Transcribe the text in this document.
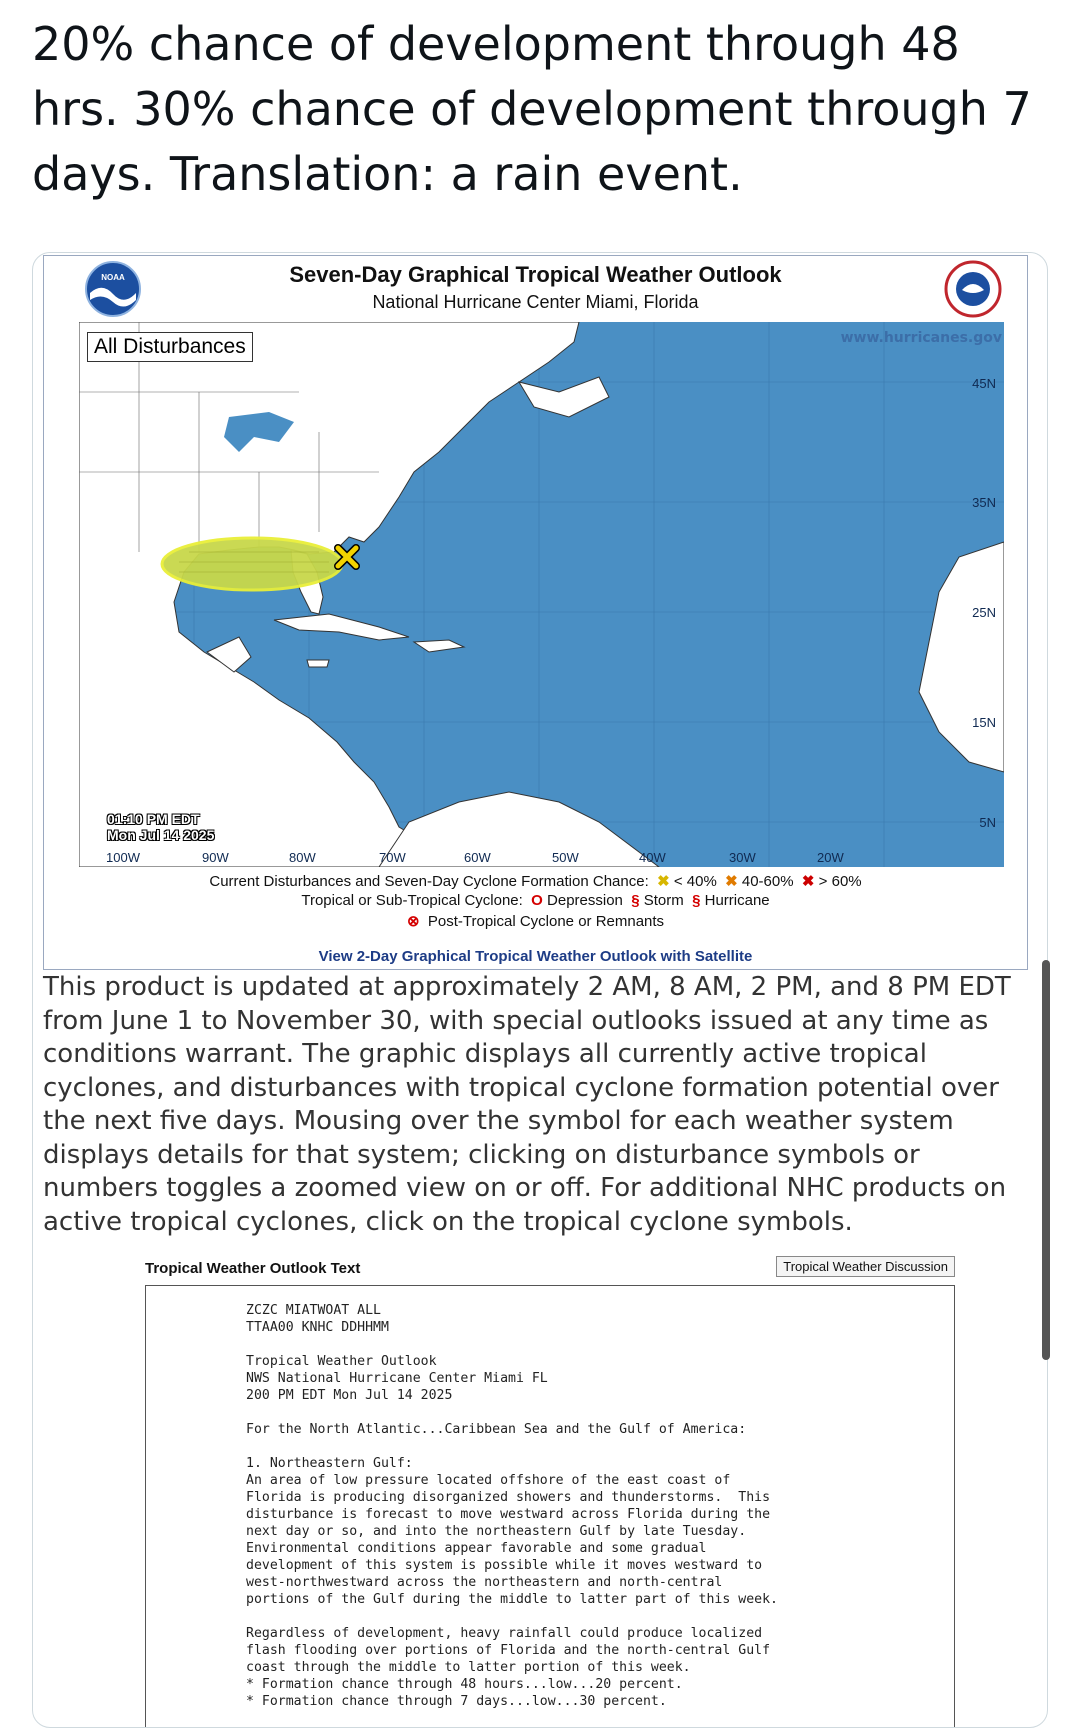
20% chance of development through 48 hrs. 30% chance of development through 7 days. Translation: a rain event.
NOAA	Seven-Day Graphical Tropical Weather Outlook
National Hurricane Center Miami, Florida
All Disturbances	www.hurricanes.gov
45N
35N
25N
15N
5N
01:10 PM EDT
Mon Jul 14 2025
100W	90W	80W	70W	60W	50W	40W	30W	20W
Current Disturbances and Seven-Day Cyclone Formation Chance:  ✖ < 40%  ✖ 40-60%  ✖ > 60%
Tropical or Sub-Tropical Cyclone:  O Depression  § Storm  § Hurricane
⊗  Post-Tropical Cyclone or Remnants
View 2-Day Graphical Tropical Weather Outlook with Satellite
This product is updated at approximately 2 AM, 8 AM, 2 PM, and 8 PM EDT from June 1 to November 30, with special outlooks issued at any time as conditions warrant. The graphic displays all currently active tropical cyclones, and disturbances with tropical cyclone formation potential over the next five days. Mousing over the symbol for each weather system displays details for that system; clicking on disturbance symbols or numbers toggles a zoomed view on or off. For additional NHC products on active tropical cyclones, click on the tropical cyclone symbols.
Tropical Weather Outlook Text	Tropical Weather Discussion
ZCZC MIATWOAT ALL
TTAA00 KNHC DDHHMM

Tropical Weather Outlook
NWS National Hurricane Center Miami FL
200 PM EDT Mon Jul 14 2025

For the North Atlantic...Caribbean Sea and the Gulf of America:

1. Northeastern Gulf:
An area of low pressure located offshore of the east coast of
Florida is producing disorganized showers and thunderstorms.  This
disturbance is forecast to move westward across Florida during the
next day or so, and into the northeastern Gulf by late Tuesday.
Environmental conditions appear favorable and some gradual
development of this system is possible while it moves westward to
west-northwestward across the northeastern and north-central
portions of the Gulf during the middle to latter part of this week.

Regardless of development, heavy rainfall could produce localized
flash flooding over portions of Florida and the north-central Gulf
coast through the middle to latter portion of this week.
* Formation chance through 48 hours...low...20 percent.
* Formation chance through 7 days...low...30 percent.
